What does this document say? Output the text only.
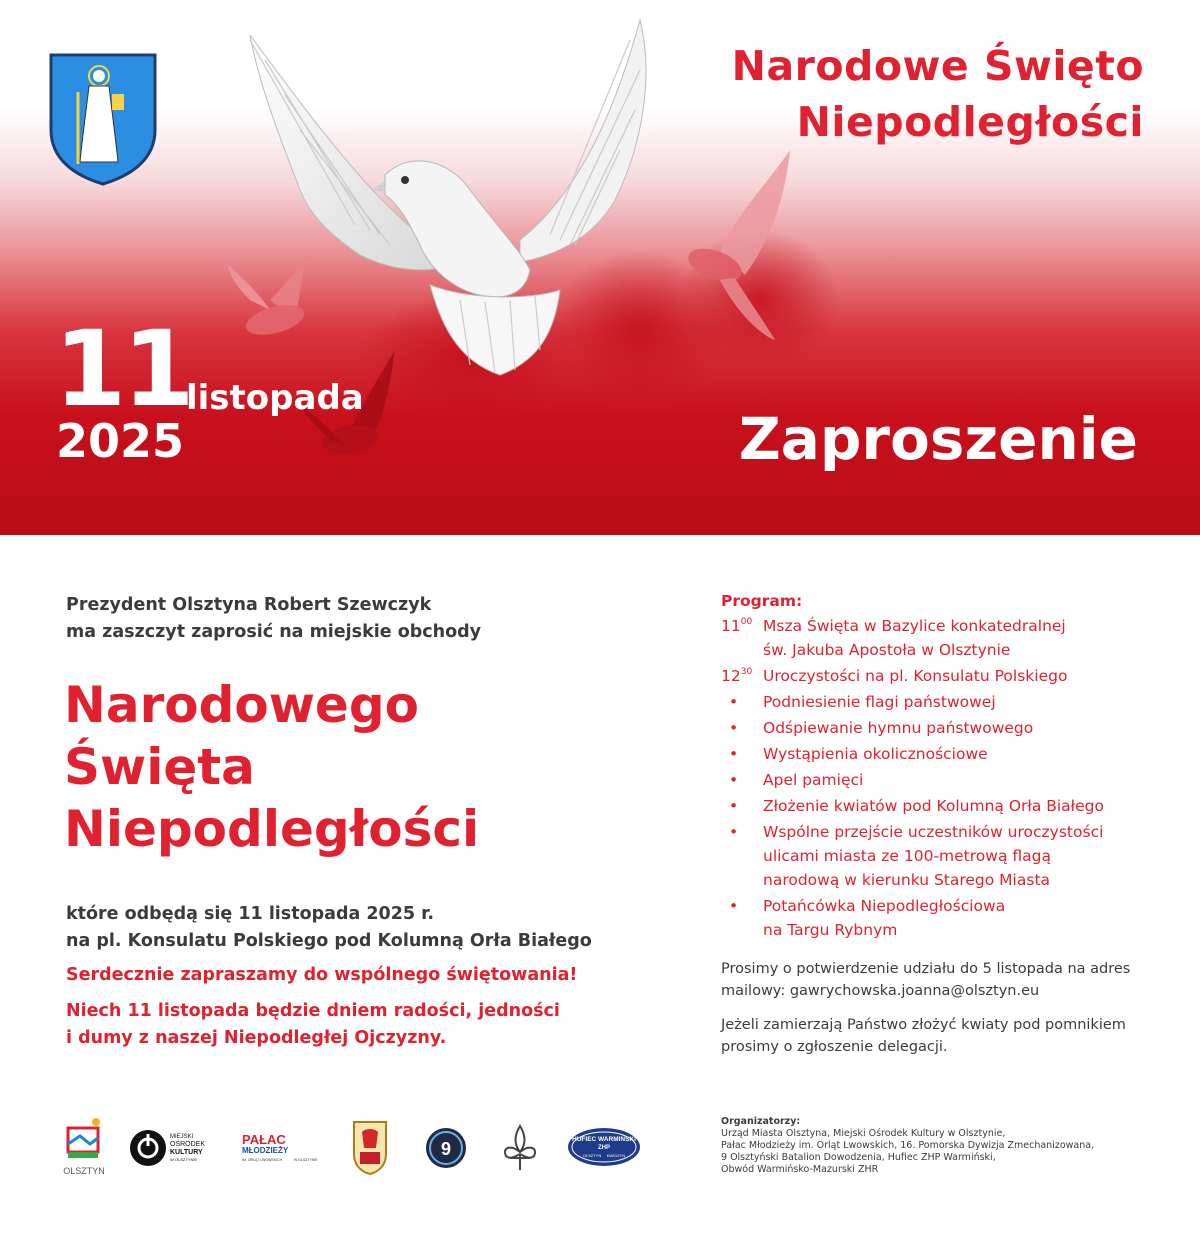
Narodowe Święto
Niepodległości
11
listopada
2025	Zaproszenie
Prezydent Olsztyna Robert Szewczyk
ma zaszczyt zaprosić na miejskie obchody
Narodowego
Święta
Niepodległości
które odbędą się 11 listopada 2025 r.
na pl. Konsulatu Polskiego pod Kolumną Orła Białego
Serdecznie zapraszamy do wspólnego świętowania!
Niech 11 listopada będzie dniem radości, jedności
i dumy z naszej Niepodległej Ojczyzny.
Program:
$11^{00}$ Msza Święta w Bazylice konkatedralnej
św. Jakuba Apostoła w Olsztynie
$12^{30}$ Uroczystości na pl. Konsulatu Polskiego
•	Podniesienie flagi państwowej
•	Odśpiewanie hymnu państwowego
•	Wystąpienia okolicznościowe
•	Apel pamięci
•	Złożenie kwiatów pod Kolumną Orła Białego
•	Wspólne przejście uczestników uroczystości
ulicami miasta ze 100-metrową flagą
narodową w kierunku Starego Miasta
•	Potańcówka Niepodległościowa
na Targu Rybnym
Prosimy o potwierdzenie udziału do 5 listopada na adres
mailowy: gawrychowska.joanna@olsztyn.eu
Jeżeli zamierzają Państwo złożyć kwiaty pod pomnikiem
prosimy o zgłoszenie delegacji.
OLSZTYN
MIEJSKI
OŚRODEK
KULTURY
W OLSZTYNIE
PAŁAC
MŁODZIEŻY
IM. ORLĄT LWOWSKICH	W OLSZTYNIE
9	HUFIEC WARMIŃSKI
ZHP
OLSZTYN KWIDZYN
Organizatorzy:
Urząd Miasta Olsztyna, Miejski Ośrodek Kultury w Olsztynie,
Pałac Młodzieży im. Orląt Lwowskich, 16. Pomorska Dywizja Zmechanizowana,
9 Olsztyński Batalion Dowodzenia, Hufiec ZHP Warmiński,
Obwód Warmińsko-Mazurski ZHR
